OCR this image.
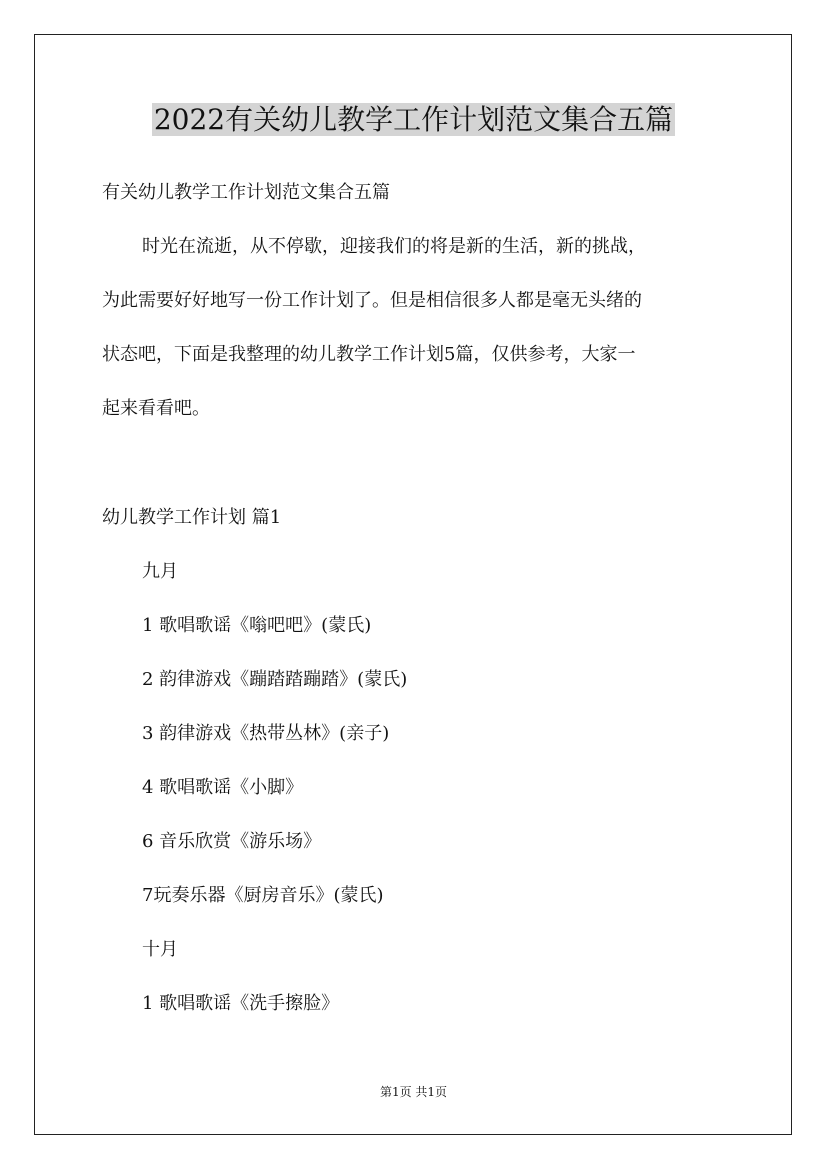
2022有关幼儿教学工作计划范文集合五篇
有关幼儿教学工作计划范文集合五篇
时光在流逝，从不停歇，迎接我们的将是新的生活，新的挑战，
为此需要好好地写一份工作计划了。但是相信很多人都是毫无头绪的
状态吧，下面是我整理的幼儿教学工作计划5篇，仅供参考，大家一
起来看看吧。
幼儿教学工作计划 篇1
九月
1 歌唱歌谣《嗡吧吧》(蒙氏)
2 韵律游戏《蹦踏踏蹦踏》(蒙氏)
3 韵律游戏《热带丛林》(亲子)
4 歌唱歌谣《小脚》
6 音乐欣赏《游乐场》
7玩奏乐器《厨房音乐》(蒙氏)
十月
1 歌唱歌谣《洗手擦脸》
第1页 共1页
